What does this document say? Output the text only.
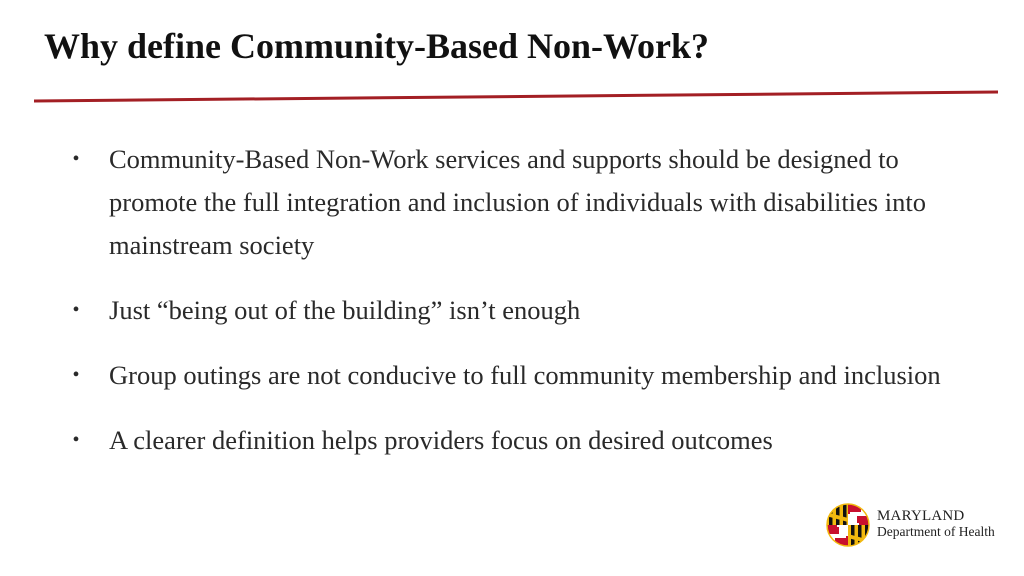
Why define Community-Based Non-Work?
• Community-Based Non-Work services and supports should be designed to promote the full integration and inclusion of individuals with disabilities into mainstream society
• Just “being out of the building” isn’t enough
• Group outings are not conducive to full community membership and inclusion
• A clearer definition helps providers focus on desired outcomes
MARYLAND
Department of Health
